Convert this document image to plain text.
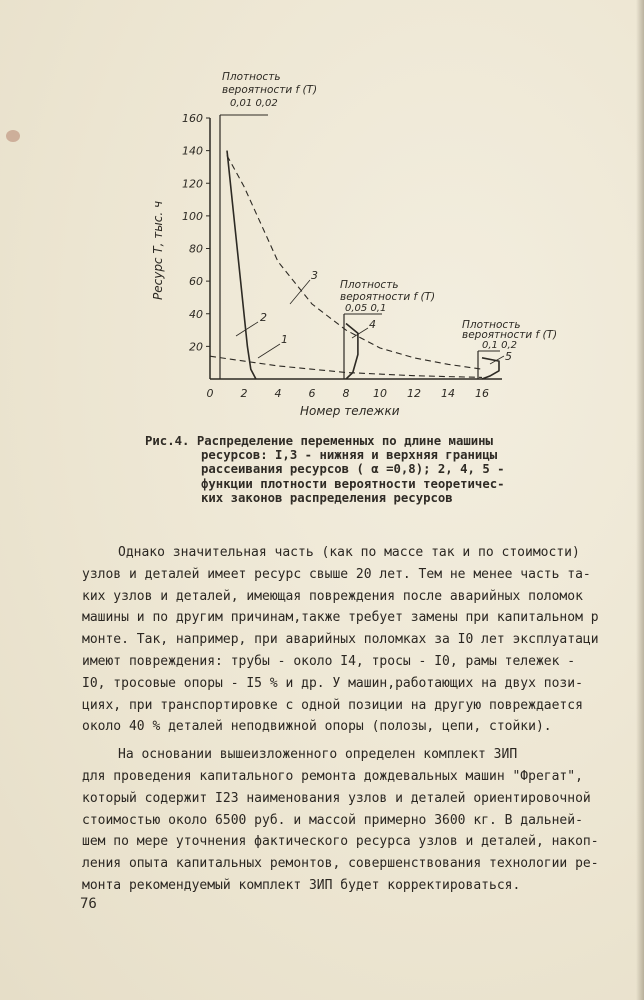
20
40
60
80
100
120
140
160
0 2 4 6 8 10 12 14 16
Ресурс Т, тыс. ч
Номер тележки
Плотность
вероятности f (T)
0,01 0,02
Плотность
вероятности f (T)
0,05 0,1
Плотность
вероятности f (T)
0,1 0,2
1
2
3
4
5
Рис.4. Распределение переменных по длине машины
ресурсов: I,3 - нижняя и верхняя границы
рассеивания ресурсов ( α =0,8); 2, 4, 5 -
функции плотности вероятности теоретичес-
ких законов распределения ресурсов
Однако значительная часть (как по массе так и по стоимости)
узлов и деталей имеет ресурс свыше 20 лет. Тем не менее часть та-
ких узлов и деталей, имеющая повреждения после аварийных поломок
машины и по другим причинам,также требует замены при капитальном р
монте. Так, например, при аварийных поломках за I0 лет эксплуатаци
имеют повреждения: трубы - около I4, тросы - I0, рамы тележек -
I0, тросовые опоры - I5 % и др. У машин,работающих на двух пози-
циях, при транспортировке с одной позиции на другую повреждается
около 40 % деталей неподвижной опоры (полозы, цепи, стойки).
На основании вышеизложенного определен комплект ЗИП
для проведения капитального ремонта дождевальных машин "Фрегат",
который содержит I23 наименования узлов и деталей ориентировочной
стоимостью около 6500 руб. и массой примерно 3600 кг. В дальней-
шем по мере уточнения фактического ресурса узлов и деталей, накоп-
ления опыта капитальных ремонтов, совершенствования технологии ре-
монта рекомендуемый комплект ЗИП будет корректироваться.
76
